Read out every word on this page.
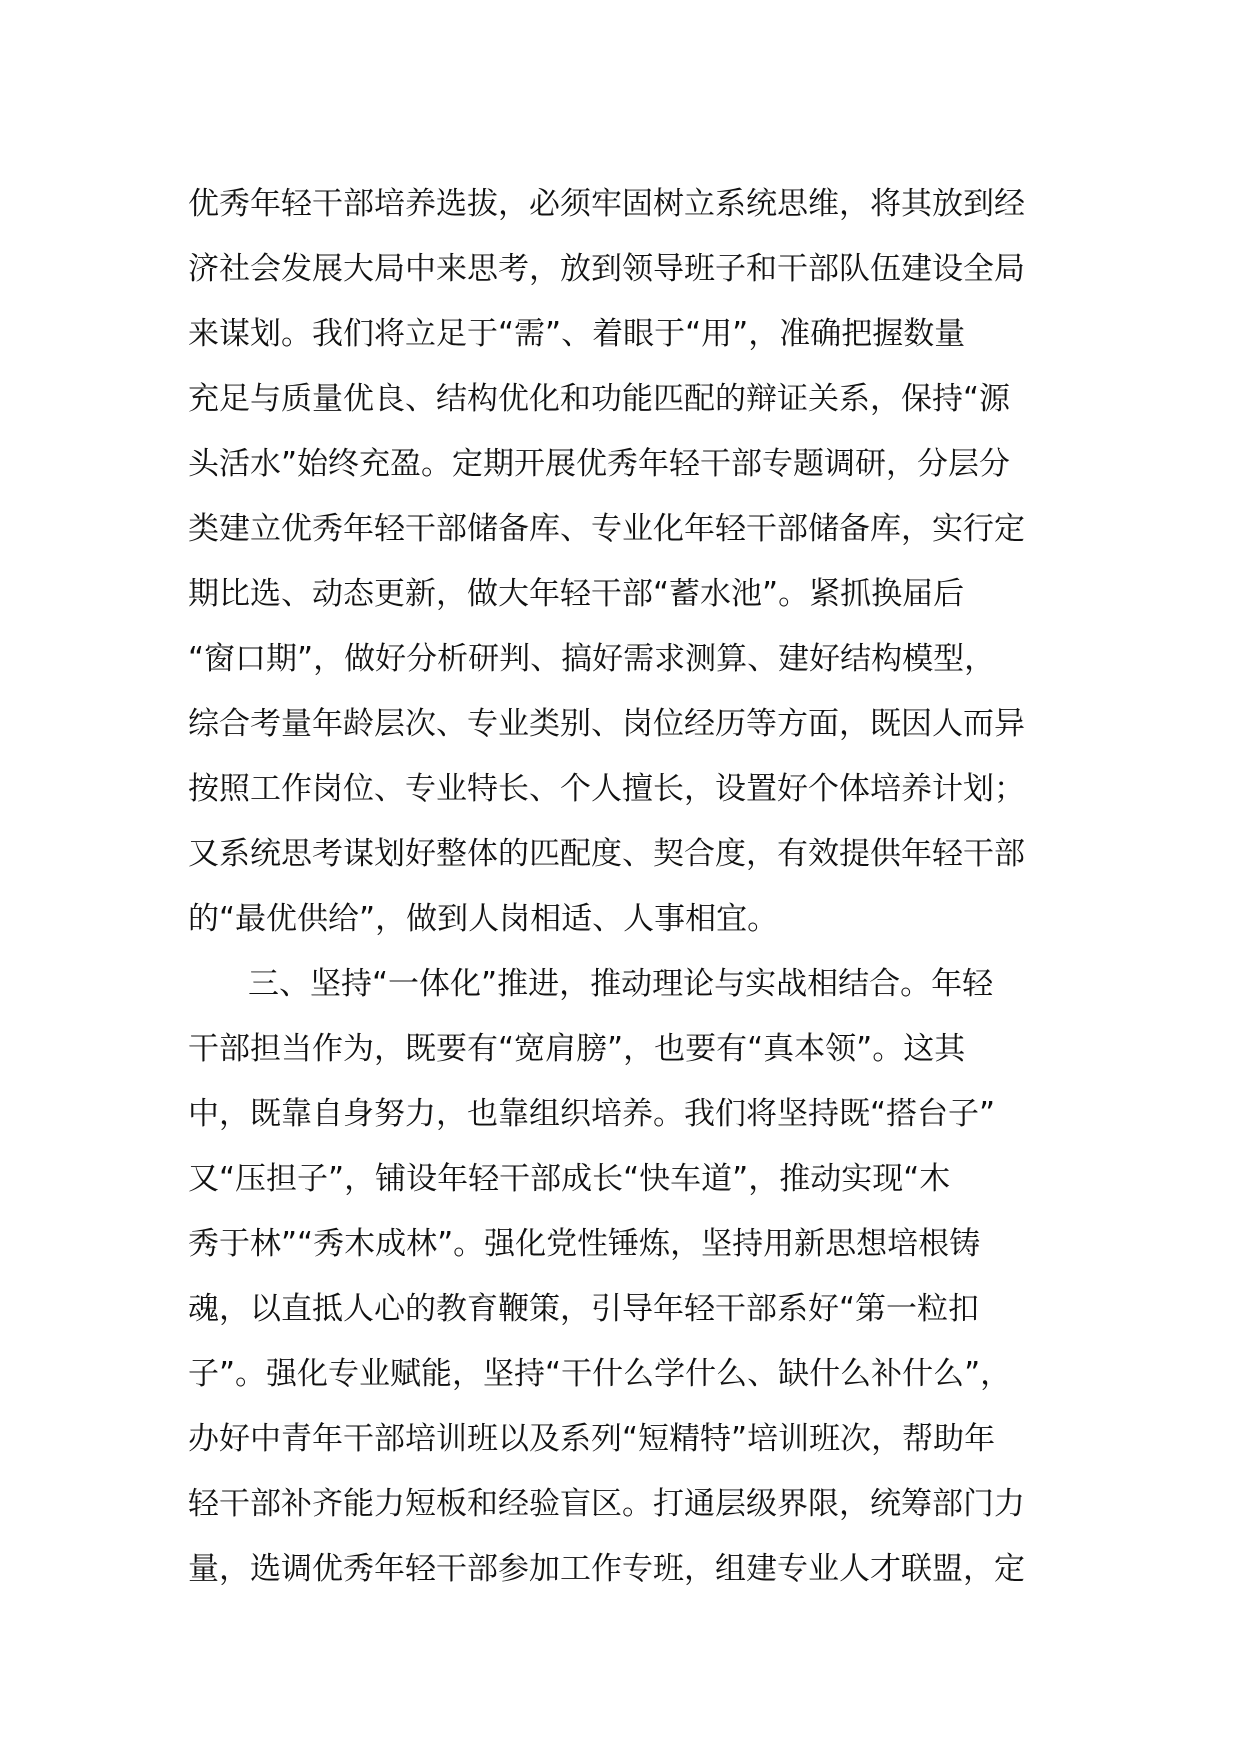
优秀年轻干部培养选拔，必须牢固树立系统思维，将其放到经
济社会发展大局中来思考，放到领导班子和干部队伍建设全局
来谋划。我们将立足于“需”、着眼于“用”，准确把握数量
充足与质量优良、结构优化和功能匹配的辩证关系，保持“源
头活水”始终充盈。定期开展优秀年轻干部专题调研，分层分
类建立优秀年轻干部储备库、专业化年轻干部储备库，实行定
期比选、动态更新，做大年轻干部“蓄水池”。紧抓换届后
“窗口期”，做好分析研判、搞好需求测算、建好结构模型，
综合考量年龄层次、专业类别、岗位经历等方面，既因人而异
按照工作岗位、专业特长、个人擅长，设置好个体培养计划；
又系统思考谋划好整体的匹配度、契合度，有效提供年轻干部
的“最优供给”，做到人岗相适、人事相宜。
三、坚持“一体化”推进，推动理论与实战相结合。年轻
干部担当作为，既要有“宽肩膀”，也要有“真本领”。这其
中，既靠自身努力，也靠组织培养。我们将坚持既“搭台子”
又“压担子”，铺设年轻干部成长“快车道”，推动实现“木
秀于林”“秀木成林”。强化党性锤炼，坚持用新思想培根铸
魂，以直抵人心的教育鞭策，引导年轻干部系好“第一粒扣
子”。强化专业赋能，坚持“干什么学什么、缺什么补什么”，
办好中青年干部培训班以及系列“短精特”培训班次，帮助年
轻干部补齐能力短板和经验盲区。打通层级界限，统筹部门力
量，选调优秀年轻干部参加工作专班，组建专业人才联盟，定
